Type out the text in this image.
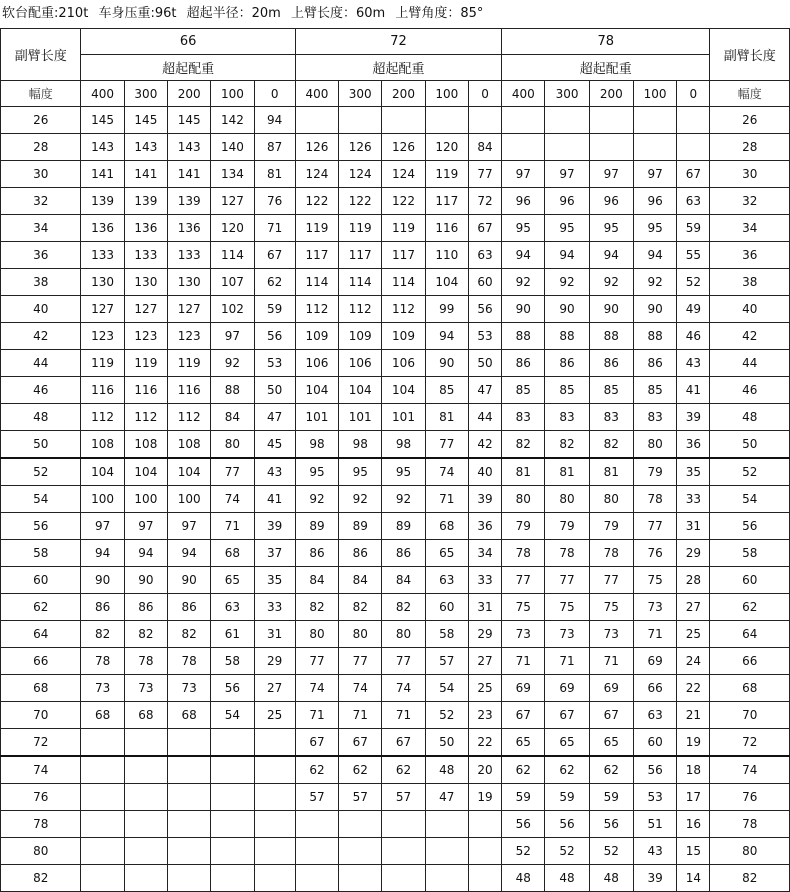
软台配重:210t 车身压重:96t 超起半径：20m 上臂长度：60m 上臂角度：85°
副臂长度	66					72					78					副臂长度
	超起配重					超起配重					超起配重					
幅度	400	300	200	100	0	400	300	200	100	0	400	300	200	100	0	幅度
26	145	145	145	142	94											26
28	143	143	143	140	87	126	126	126	120	84						28
30	141	141	141	134	81	124	124	124	119	77	97	97	97	97	67	30
32	139	139	139	127	76	122	122	122	117	72	96	96	96	96	63	32
34	136	136	136	120	71	119	119	119	116	67	95	95	95	95	59	34
36	133	133	133	114	67	117	117	117	110	63	94	94	94	94	55	36
38	130	130	130	107	62	114	114	114	104	60	92	92	92	92	52	38
40	127	127	127	102	59	112	112	112	99	56	90	90	90	90	49	40
42	123	123	123	97	56	109	109	109	94	53	88	88	88	88	46	42
44	119	119	119	92	53	106	106	106	90	50	86	86	86	86	43	44
46	116	116	116	88	50	104	104	104	85	47	85	85	85	85	41	46
48	112	112	112	84	47	101	101	101	81	44	83	83	83	83	39	48
50	108	108	108	80	45	98	98	98	77	42	82	82	82	80	36	50
52	104	104	104	77	43	95	95	95	74	40	81	81	81	79	35	52
54	100	100	100	74	41	92	92	92	71	39	80	80	80	78	33	54
56	97	97	97	71	39	89	89	89	68	36	79	79	79	77	31	56
58	94	94	94	68	37	86	86	86	65	34	78	78	78	76	29	58
60	90	90	90	65	35	84	84	84	63	33	77	77	77	75	28	60
62	86	86	86	63	33	82	82	82	60	31	75	75	75	73	27	62
64	82	82	82	61	31	80	80	80	58	29	73	73	73	71	25	64
66	78	78	78	58	29	77	77	77	57	27	71	71	71	69	24	66
68	73	73	73	56	27	74	74	74	54	25	69	69	69	66	22	68
70	68	68	68	54	25	71	71	71	52	23	67	67	67	63	21	70
72						67	67	67	50	22	65	65	65	60	19	72
74						62	62	62	48	20	62	62	62	56	18	74
76						57	57	57	47	19	59	59	59	53	17	76
78											56	56	56	51	16	78
80											52	52	52	43	15	80
82											48	48	48	39	14	82
